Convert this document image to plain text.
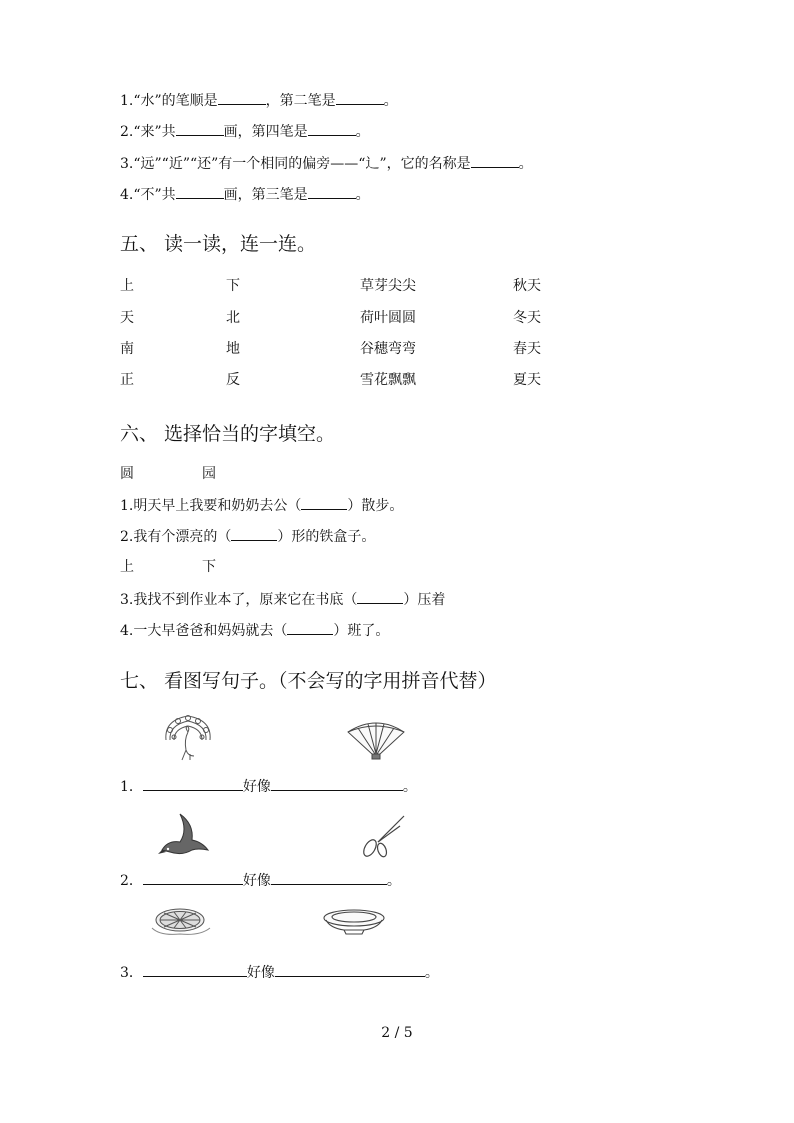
1.“水”的笔顺是	，第二笔是	。
2.“来”共	画，第四笔是	。
3.“远”“近”“还”有一个相同的偏旁——“辶”，它的名称是	。
4.“不”共	画，第三笔是	。
五、 读一读，连一连。
上	下	草芽尖尖	秋天
天	北	荷叶圆圆	冬天
南	地	谷穗弯弯	春天
正	反	雪花飘飘	夏天
六、 选择恰当的字填空。
圆	园
1.明天早上我要和奶奶去公（	）散步。
2.我有个漂亮的（	）形的铁盒子。
上	下
3.我找不到作业本了，原来它在书底（	）压着
4.一大早爸爸和妈妈就去（	）班了。
七、 看图写句子。（不会写的字用拼音代替）
1．	好像	。
2．	好像	。
3．	好像	。
2 / 5
